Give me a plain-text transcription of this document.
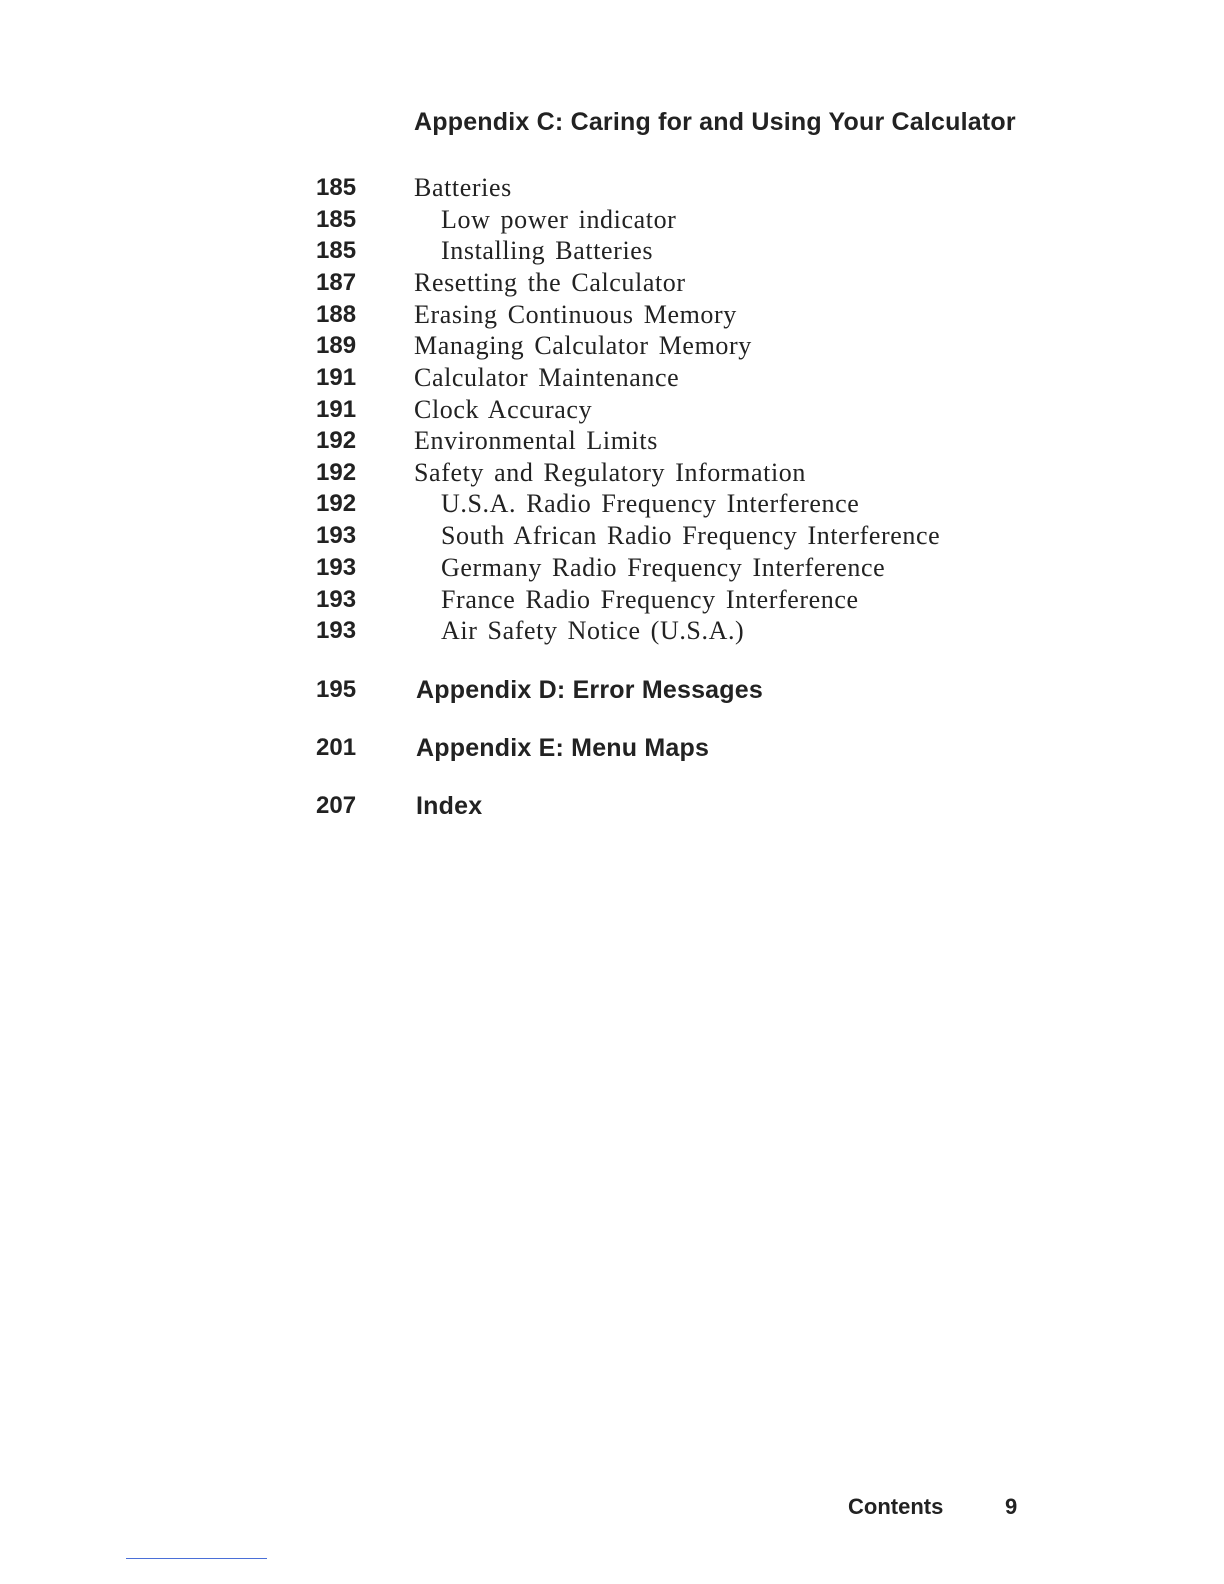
Appendix C: Caring for and Using Your Calculator
185	Batteries
185	Low power indicator
185	Installing Batteries
187	Resetting the Calculator
188	Erasing Continuous Memory
189	Managing Calculator Memory
191	Calculator Maintenance
191	Clock Accuracy
192	Environmental Limits
192	Safety and Regulatory Information
192	U.S.A. Radio Frequency Interference
193	South African Radio Frequency Interference
193	Germany Radio Frequency Interference
193	France Radio Frequency Interference
193	Air Safety Notice (U.S.A.)
195	Appendix D: Error Messages
201	Appendix E: Menu Maps
207	Index
Contents	9
